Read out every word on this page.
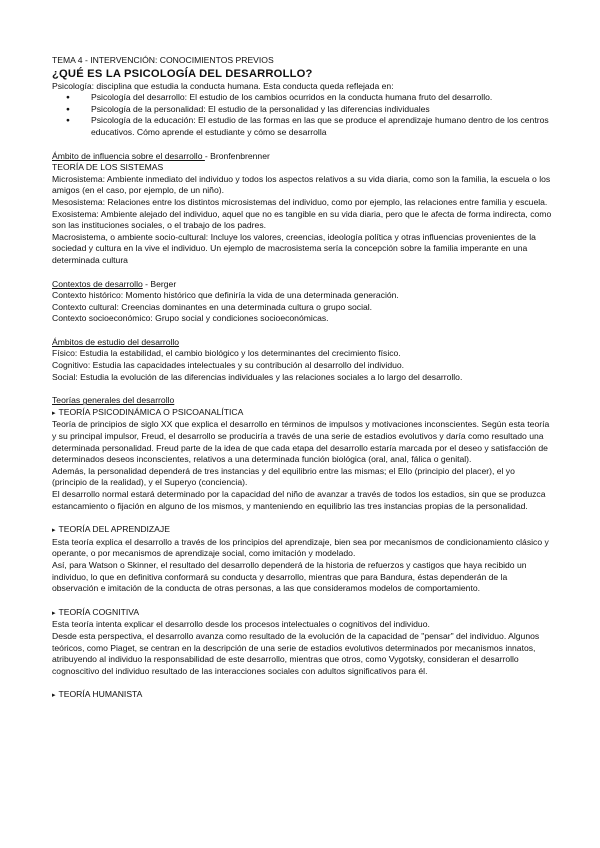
TEMA 4 - INTERVENCIÓN: CONOCIMIENTOS PREVIOS
¿QUÉ ES LA PSICOLOGÍA DEL DESARROLLO?

Psicología: disciplina que estudia la conducta humana. Esta conducta queda reflejada en:

● Psicología del desarrollo: El estudio de los cambios ocurridos en la conducta humana fruto del desarrollo.
● Psicología de la personalidad: El estudio de la personalidad y las diferencias individuales
● Psicología de la educación: El estudio de las formas en las que se produce el aprendizaje humano dentro de los centros educativos. Cómo aprende el estudiante y cómo se desarrolla

Ámbito de influencia sobre el desarrollo - Bronfenbrenner

TEORÍA DE LOS SISTEMAS

Microsistema: Ambiente inmediato del individuo y todos los aspectos relativos a su vida diaria, como son la familia, la escuela o los amigos (en el caso, por ejemplo, de un niño).

Mesosistema: Relaciones entre los distintos microsistemas del individuo, como por ejemplo, las relaciones entre familia y escuela.

Exosistema: Ambiente alejado del individuo, aquel que no es tangible en su vida diaria, pero que le afecta de forma indirecta, como son las instituciones sociales, o el trabajo de los padres.

Macrosistema, o ambiente socio-cultural: Incluye los valores, creencias, ideología política y otras influencias provenientes de la sociedad y cultura en la vive el individuo. Un ejemplo de macrosistema sería la concepción sobre la familia imperante en una determinada cultura

Contextos de desarrollo - Berger

Contexto histórico: Momento histórico que definiría la vida de una determinada generación.

Contexto cultural: Creencias dominantes en una determinada cultura o grupo social.

Contexto socioeconómico: Grupo social y condiciones socioeconómicas.

Ámbitos de estudio del desarrollo

Físico: Estudia la estabilidad, el cambio biológico y los determinantes del crecimiento físico.

Cognitivo: Estudia las capacidades intelectuales y su contribución al desarrollo del individuo.

Social: Estudia la evolución de las diferencias individuales y las relaciones sociales a lo largo del desarrollo.

Teorías generales del desarrollo

▸ TEORÍA PSICODINÁMICA O PSICOANALÍTICA

Teoría de principios de siglo XX que explica el desarrollo en términos de impulsos y motivaciones inconscientes. Según esta teoría y su principal impulsor, Freud, el desarrollo se produciría a través de una serie de estadios evolutivos y daría como resultado una determinada personalidad. Freud parte de la idea de que cada etapa del desarrollo estaría marcada por el deseo y satisfacción de determinados deseos inconscientes, relativos a una determinada función biológica (oral, anal, fálica o genital).

Además, la personalidad dependerá de tres instancias y del equilibrio entre las mismas; el Ello (principio del placer), el yo (principio de la realidad), y el Superyo (conciencia).

El desarrollo normal estará determinado por la capacidad del niño de avanzar a través de todos los estadios, sin que se produzca estancamiento o fijación en alguno de los mismos, y manteniendo en equilibrio las tres instancias propias de la personalidad.

▸ TEORÍA DEL APRENDIZAJE

Esta teoría explica el desarrollo a través de los principios del aprendizaje, bien sea por mecanismos de condicionamiento clásico y operante, o por mecanismos de aprendizaje social, como imitación y modelado.

Así, para Watson o Skinner, el resultado del desarrollo dependerá de la historia de refuerzos y castigos que haya recibido un individuo, lo que en definitiva conformará su conducta y desarrollo, mientras que para Bandura, éstas dependerán de la observación e imitación de la conducta de otras personas, a las que consideramos modelos de comportamiento.

▸ TEORÍA COGNITIVA

Esta teoría intenta explicar el desarrollo desde los procesos intelectuales o cognitivos del individuo.

Desde esta perspectiva, el desarrollo avanza como resultado de la evolución de la capacidad de "pensar" del individuo. Algunos teóricos, como Piaget, se centran en la descripción de una serie de estadios evolutivos determinados por mecanismos innatos, atribuyendo al individuo la responsabilidad de este desarrollo, mientras que otros, como Vygotsky, consideran el desarrollo cognoscitivo del individuo resultado de las interacciones sociales con adultos significativos para él.

▸ TEORÍA HUMANISTA
